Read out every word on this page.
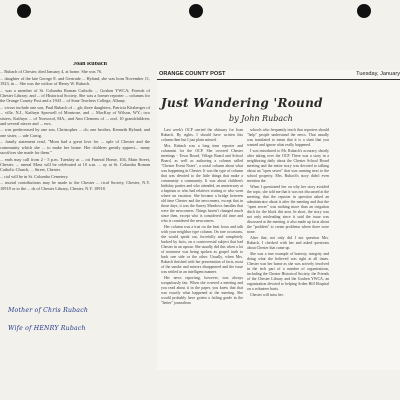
Joan Rubach

... Rubach of Chester, died January 4, at home. She was 76.

... daughter of the late George E. and Gertrude ... Hyland, she was born November 11, 1923, in ... She was the widow of Henry W. Rubach.

... was a member of St. Columba Roman Catholic ... Goshen YWCA; Friends of Chester Library; and ... of Historical Society. She was a former reporter ... columns for the Orange County Post and a 1943 ... of State Teachers College, Albany.

... vivors include one son, Paul Rubach of ... gh; three daughters, Patricia Kitzberger of ... ville, N.J., Kathryn Sprowell of Montrose, and ... MacKay of Wilson, WY.; two sisters, Kathryn ... of Norwood, MA., and Ann Clemens of ... ood, 10 grandchildren; and several nieces and ... ews.

... was predeceased by one son, Christopher ... ch; one brother, Kenneth Hyland; and one sister, ... ude Carrig.

... family statement read, "Mom had a great love for ... ople of Chester and the community which she ... to make her home. Her children greatly appreci... many sacrifices she made for them."

... ends may call from 2 - 5 p.m. Tuesday at ... ott Funeral Home, 104, Main Street, Chester. ... uneral Mass will be celebrated at 10 a.m. ... ay at St. Columba Roman Catholic Church, ... Street, Chester.

... rial will be in St. Columba Cemetery.

... morial contributions may be made to the Chester ... rical Society, Chester, N.Y. 10918 or to the ... ds of Chester Library, Chester, N.Y. 10918.

Mother of Chris Rubach
Wife of HENRY Rubach
ORANGE COUNTY POST	Tuesday, January
Just Wandering 'Round
by John Rubach

Last week's OCP carried the obituary for Joan Rubach. By rights, I should have written this column then but I just plain missed.

Mrs. Rubach was a long time reporter and columnist for the OCP. She covered Chester meetings - Town Board, Village Board and School Board, as well as authoring a column called "Chester Event Notes", a social column about what was happening in Chester. It was the type of column that was devoted to the little things that make a community a community. It was about children's birthday parties and who attended, an anniversary at a baptism or who had relatives visiting or who went where on vacation. She became a bridge between old time Chester and the newcomers, except that in those days, it was the Surrey Meadows families that were the newcomers. Things haven't changed much since then, except who is considered old time and who is considered the newcomers.

Her column was a true on the beat focus and talk with your neighbor type column. On rare occasions, she would speak out, forcefully and completely backed by facts, on a controversial subject that had Chester in an uproar. She usually did this when a lot of nonsense was being spoken as gospel truth to back one side or the other. Usually, when Mrs. Rubach finished with her presentation of facts, most of the smoke and mirrors disappeared and the issue was settled in an intelligent manner.

Her news reporting, however, was always scrupulously fair. When she covered a meeting and you read about it in the paper, you knew that that was exactly what happened at the meeting. She would probably have gotten a failing grade in the "better" journalism

schools who frequently teach that reporters should "help" people understand the news. That usually was translated to mean that it is a slant that you wanted and ignore what really happened.

I was introduced to Mr. Rubach's accuracy shortly after taking over the OCP. There was a story in a neighboring daily about the Chester School Board meeting and the entire story was devoted to talking about an "open sewer" that was running next to the school property. Mrs. Rubach's story didn't even mention the.

When I questioned her on why her story avoided the topic, she told me that it was not discussed at the meeting, that the reporter in question asked an administrator about it after the meeting and that the "open sewer" was nothing more than an irrigation ditch for the black dirt area. In short, the story was not only misleading since it said the issue was discussed at the meeting, it also made up facts about the "problem" to create problems where there were none.

After that, not only did I not question Mrs. Rubach, I checked with her and asked questions about Chester that came up.

She was a true example of honesty, integrity and doing what she believed was right at all times. Chester was her home as she was actively involved in the tech part of a number of organizations, including the Chester Historical Society, the Friends of the Chester Library and the Goshen YWCA, an organization devoted to helping Arden Hill Hospital on a volunteer basis.

Chester will miss her.
